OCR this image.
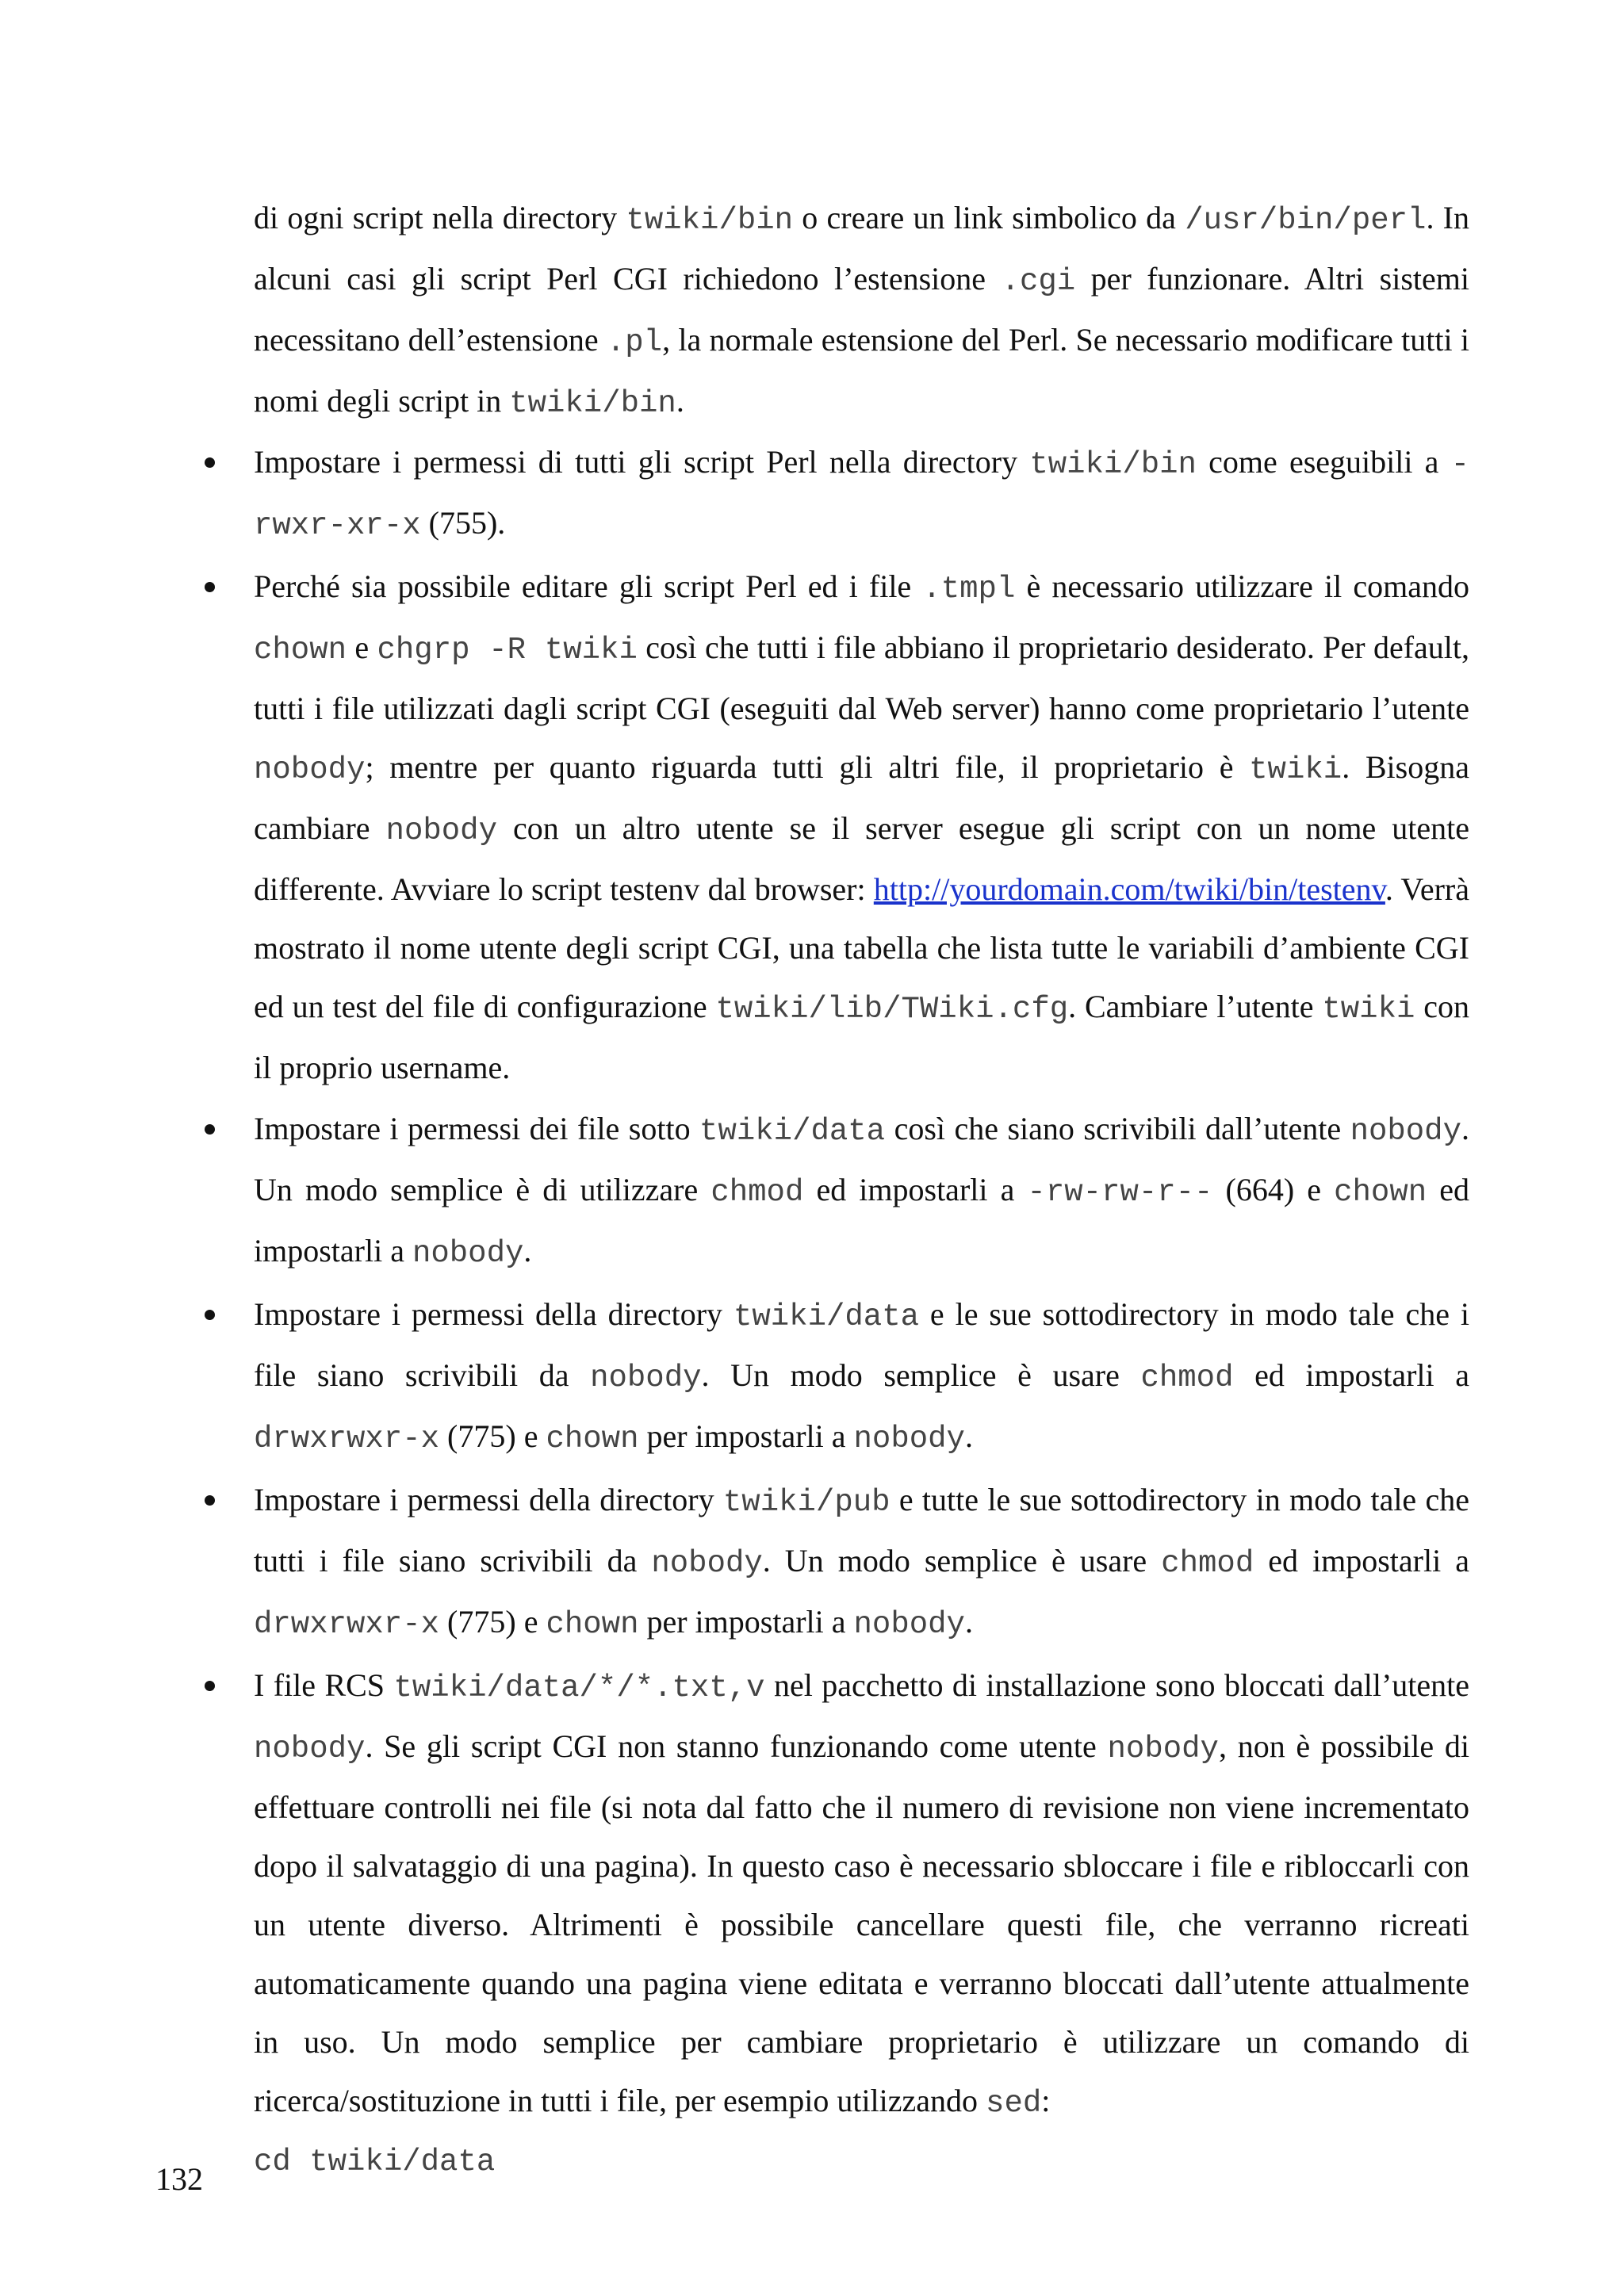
di ogni script nella directory twiki/bin o creare un link simbolico da /usr/bin/perl. In alcuni casi gli script Perl CGI richiedono l’estensione .cgi per funzionare. Altri sistemi necessitano dell’estensione .pl, la normale estensione del Perl. Se necessario modificare tutti i nomi degli script in twiki/bin.

Impostare i permessi di tutti gli script Perl nella directory twiki/bin come eseguibili a -rwxr-xr-x (755).
Perché sia possibile editare gli script Perl ed i file .tmpl è necessario utilizzare il comando chown e chgrp -R twiki così che tutti i file abbiano il proprietario desiderato. Per default, tutti i file utilizzati dagli script CGI (eseguiti dal Web server) hanno come proprietario l’utente nobody; mentre per quanto riguarda tutti gli altri file, il proprietario è twiki. Bisogna cambiare nobody con un altro utente se il server esegue gli script con un nome utente differente. Avviare lo script testenv dal browser: http://yourdomain.com/twiki/bin/testenv. Verrà mostrato il nome utente degli script CGI, una tabella che lista tutte le variabili d’ambiente CGI ed un test del file di configurazione twiki/lib/TWiki.cfg. Cambiare l’utente twiki con il proprio username.
Impostare i permessi dei file sotto twiki/data così che siano scrivibili dall’utente nobody. Un modo semplice è di utilizzare chmod ed impostarli a -rw-rw-r-- (664) e chown ed impostarli a nobody.
Impostare i permessi della directory twiki/data e le sue sottodirectory in modo tale che i file siano scrivibili da nobody. Un modo semplice è usare chmod ed impostarli a drwxrwxr-x (775) e chown per impostarli a nobody.
Impostare i permessi della directory twiki/pub e tutte le sue sottodirectory in modo tale che tutti i file siano scrivibili da nobody. Un modo semplice è usare chmod ed impostarli a drwxrwxr-x (775) e chown per impostarli a nobody.
I file RCS twiki/data/*/*.txt,v nel pacchetto di installazione sono bloccati dall’utente nobody. Se gli script CGI non stanno funzionando come utente nobody, non è possibile di effettuare controlli nei file (si nota dal fatto che il numero di revisione non viene incrementato dopo il salvataggio di una pagina). In questo caso è necessario sbloccare i file e ribloccarli con un utente diverso. Altrimenti è possibile cancellare questi file, che verranno ricreati automaticamente quando una pagina viene editata e verranno bloccati dall’utente attualmente in uso. Un modo semplice per cambiare proprietario è utilizzare un comando di ricerca/sostituzione in tutti i file, per esempio utilizzando sed:
cd twiki/data
132
